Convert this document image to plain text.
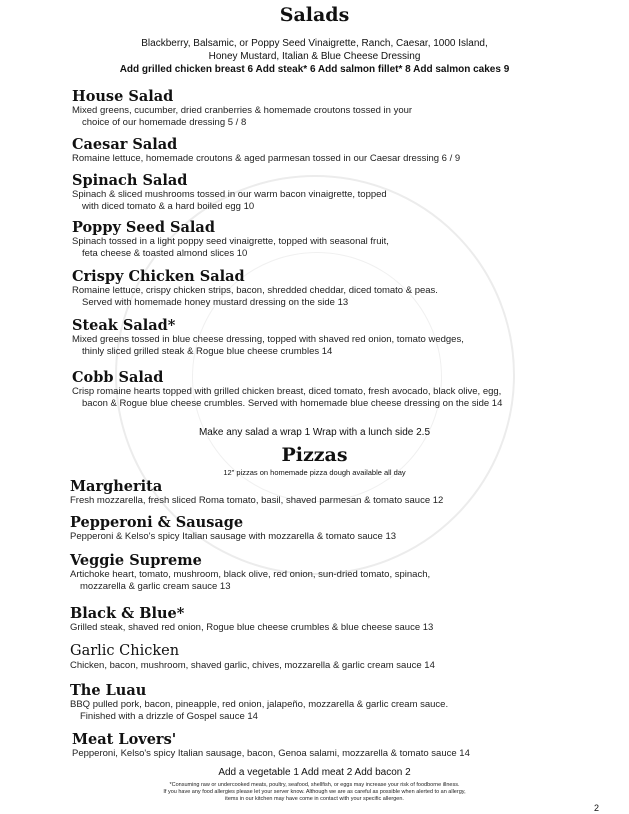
Salads
Blackberry, Balsamic, or Poppy Seed Vinaigrette, Ranch, Caesar, 1000 Island,
Honey Mustard, Italian & Blue Cheese Dressing
Add grilled chicken breast 6 Add steak* 6 Add salmon fillet* 8 Add salmon cakes 9
House Salad
Mixed greens, cucumber, dried cranberries & homemade croutons tossed in your
choice of our homemade dressing 5 / 8
Caesar Salad
Romaine lettuce, homemade croutons & aged parmesan tossed in our Caesar dressing 6 / 9
Spinach Salad
Spinach & sliced mushrooms tossed in our warm bacon vinaigrette, topped
with diced tomato & a hard boiled egg 10
Poppy Seed Salad
Spinach tossed in a light poppy seed vinaigrette, topped with seasonal fruit,
feta cheese & toasted almond slices 10
Crispy Chicken Salad
Romaine lettuce, crispy chicken strips, bacon, shredded cheddar, diced tomato & peas.
Served with homemade honey mustard dressing on the side 13
Steak Salad*
Mixed greens tossed in blue cheese dressing, topped with shaved red onion, tomato wedges,
thinly sliced grilled steak & Rogue blue cheese crumbles 14
Cobb Salad
Crisp romaine hearts topped with grilled chicken breast, diced tomato, fresh avocado, black olive, egg,
bacon & Rogue blue cheese crumbles. Served with homemade blue cheese dressing on the side 14
Make any salad a wrap 1 Wrap with a lunch side 2.5
Pizzas
12" pizzas on homemade pizza dough available all day
Margherita
Fresh mozzarella, fresh sliced Roma tomato, basil, shaved parmesan & tomato sauce 12
Pepperoni & Sausage
Pepperoni & Kelso's spicy Italian sausage with mozzarella & tomato sauce 13
Veggie Supreme
Artichoke heart, tomato, mushroom, black olive, red onion, sun-dried tomato, spinach,
mozzarella & garlic cream sauce 13
Black & Blue*
Grilled steak, shaved red onion, Rogue blue cheese crumbles & blue cheese sauce 13
Garlic Chicken
Chicken, bacon, mushroom, shaved garlic, chives, mozzarella & garlic cream sauce 14
The Luau
BBQ pulled pork, bacon, pineapple, red onion, jalapeño, mozzarella & garlic cream sauce.
Finished with a drizzle of Gospel sauce 14
Meat Lovers'
Pepperoni, Kelso's spicy Italian sausage, bacon, Genoa salami, mozzarella & tomato sauce 14
Add a vegetable 1 Add meat 2 Add bacon 2
*Consuming raw or undercooked meats, poultry, seafood, shellfish, or eggs may increase your risk of foodborne illness.
If you have any food allergies please let your server know. Although we are as careful as possible when alerted to an allergy,
items in our kitchen may have come in contact with your specific allergen.
2
